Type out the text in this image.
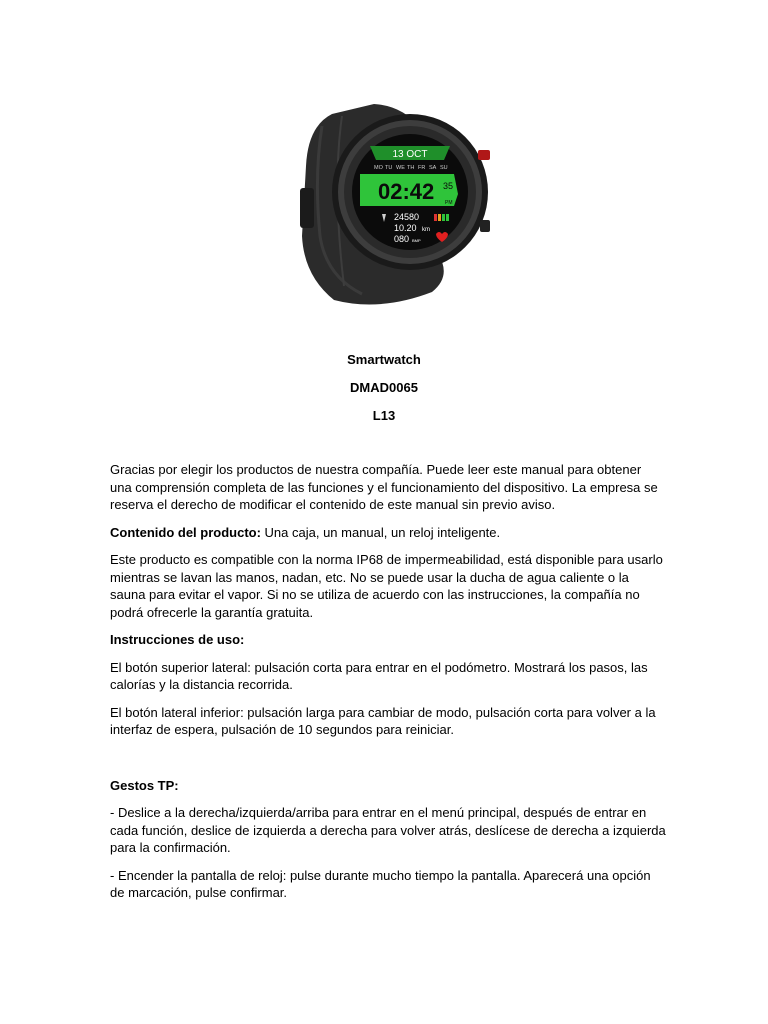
13 OCT
MO TU WE TH FR SA SU
02:42 35
PM
24580
10.20 km
080 BMP
Smartwatch
DMAD0065
L13

Gracias por elegir los productos de nuestra compañía. Puede leer este manual para obtener una comprensión completa de las funciones y el funcionamiento del dispositivo. La empresa se reserva el derecho de modificar el contenido de este manual sin previo aviso.

Contenido del producto: Una caja, un manual, un reloj inteligente.

Este producto es compatible con la norma IP68 de impermeabilidad, está disponible para usarlo mientras se lavan las manos, nadan, etc. No se puede usar la ducha de agua caliente o la sauna para evitar el vapor. Si no se utiliza de acuerdo con las instrucciones, la compañía no podrá ofrecerle la garantía gratuita.

Instrucciones de uso:

El botón superior lateral: pulsación corta para entrar en el podómetro. Mostrará los pasos, las calorías y la distancia recorrida.

El botón lateral inferior: pulsación larga para cambiar de modo, pulsación corta para volver a la interfaz de espera, pulsación de 10 segundos para reiniciar.

Gestos TP:

- Deslice a la derecha/izquierda/arriba para entrar en el menú principal, después de entrar en cada función, deslice de izquierda a derecha para volver atrás, deslícese de derecha a izquierda para la confirmación.

- Encender la pantalla de reloj: pulse durante mucho tiempo la pantalla. Aparecerá una opción de marcación, pulse confirmar.
